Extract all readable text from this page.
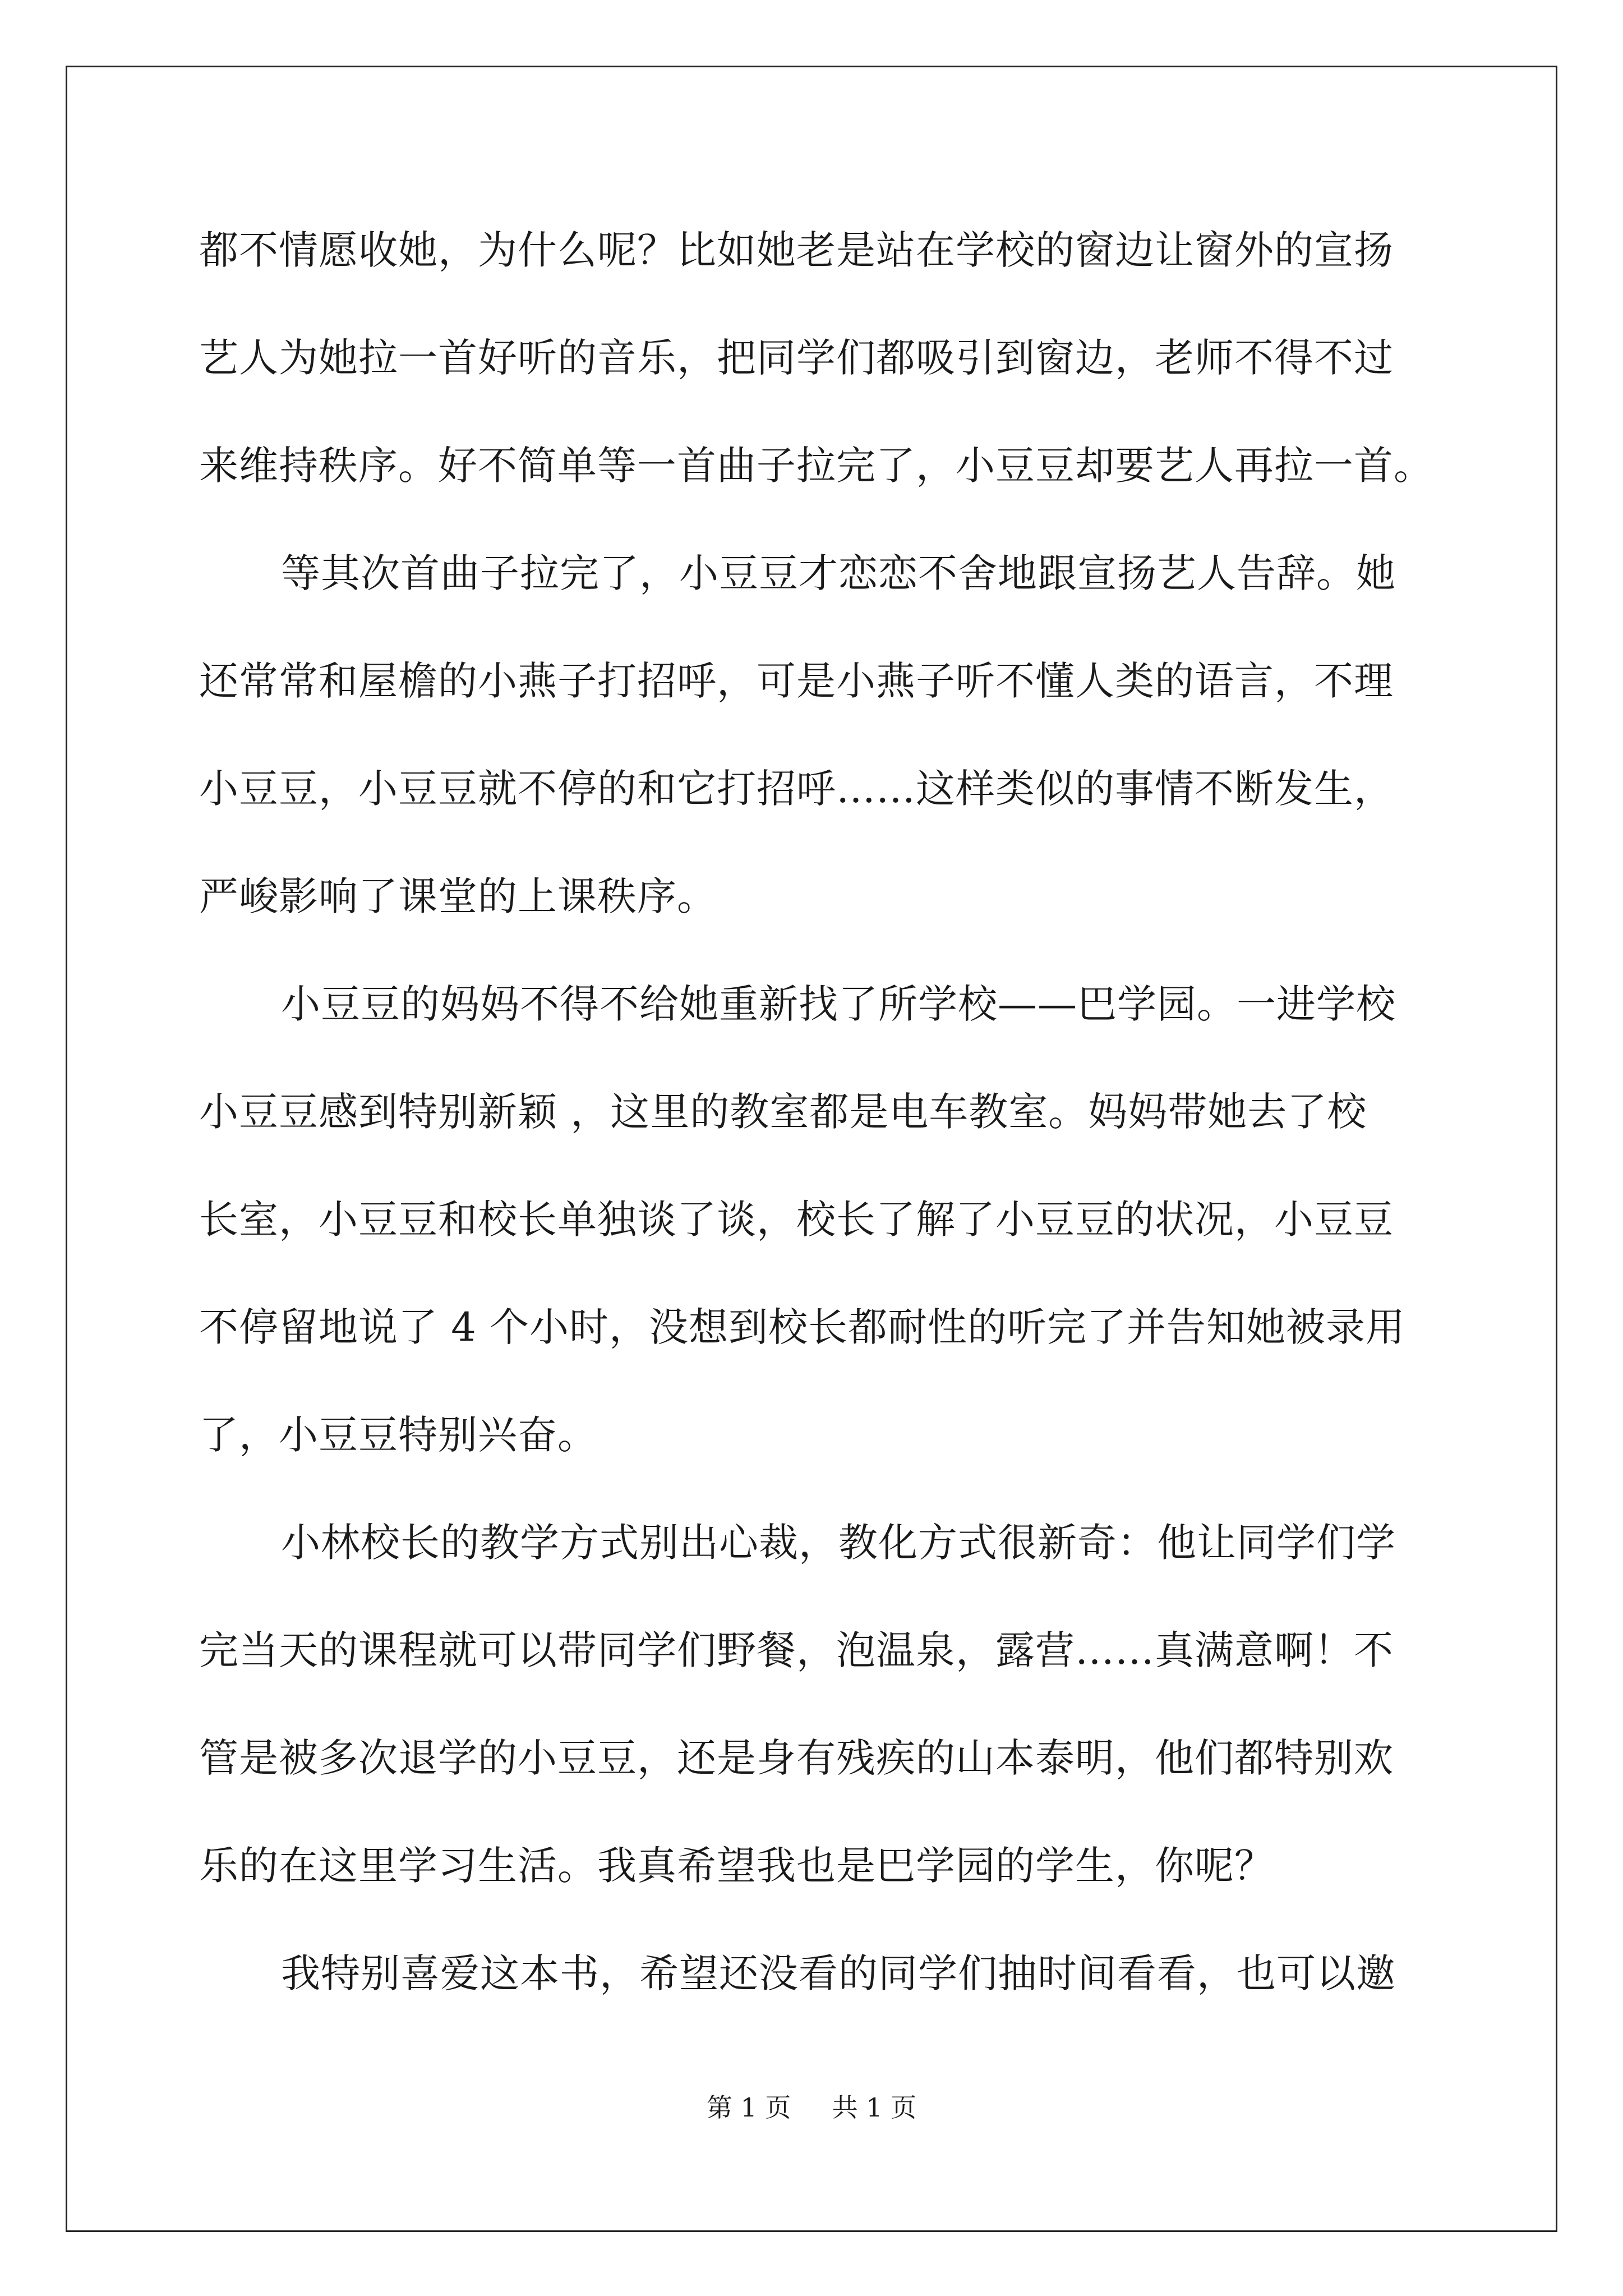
都不情愿收她，为什么呢？比如她老是站在学校的窗边让窗外的宣扬
艺人为她拉一首好听的音乐，把同学们都吸引到窗边，老师不得不过
来维持秩序。好不简单等一首曲子拉完了，小豆豆却要艺人再拉一首。
等其次首曲子拉完了，小豆豆才恋恋不舍地跟宣扬艺人告辞。她
还常常和屋檐的小燕子打招呼，可是小燕子听不懂人类的语言，不理
小豆豆，小豆豆就不停的和它打招呼……这样类似的事情不断发生，
严峻影响了课堂的上课秩序。
小豆豆的妈妈不得不给她重新找了所学校——巴学园。一进学校
小豆豆感到特别新颖 ，这里的教室都是电车教室。妈妈带她去了校
长室，小豆豆和校长单独谈了谈，校长了解了小豆豆的状况，小豆豆
不停留地说了 4 个小时，没想到校长都耐性的听完了并告知她被录用
了，小豆豆特别兴奋。
小林校长的教学方式别出心裁，教化方式很新奇：他让同学们学
完当天的课程就可以带同学们野餐，泡温泉，露营……真满意啊！不
管是被多次退学的小豆豆，还是身有残疾的山本泰明，他们都特别欢
乐的在这里学习生活。我真希望我也是巴学园的学生，你呢？
我特别喜爱这本书，希望还没看的同学们抽时间看看，也可以邀
第 1 页 共 1 页
